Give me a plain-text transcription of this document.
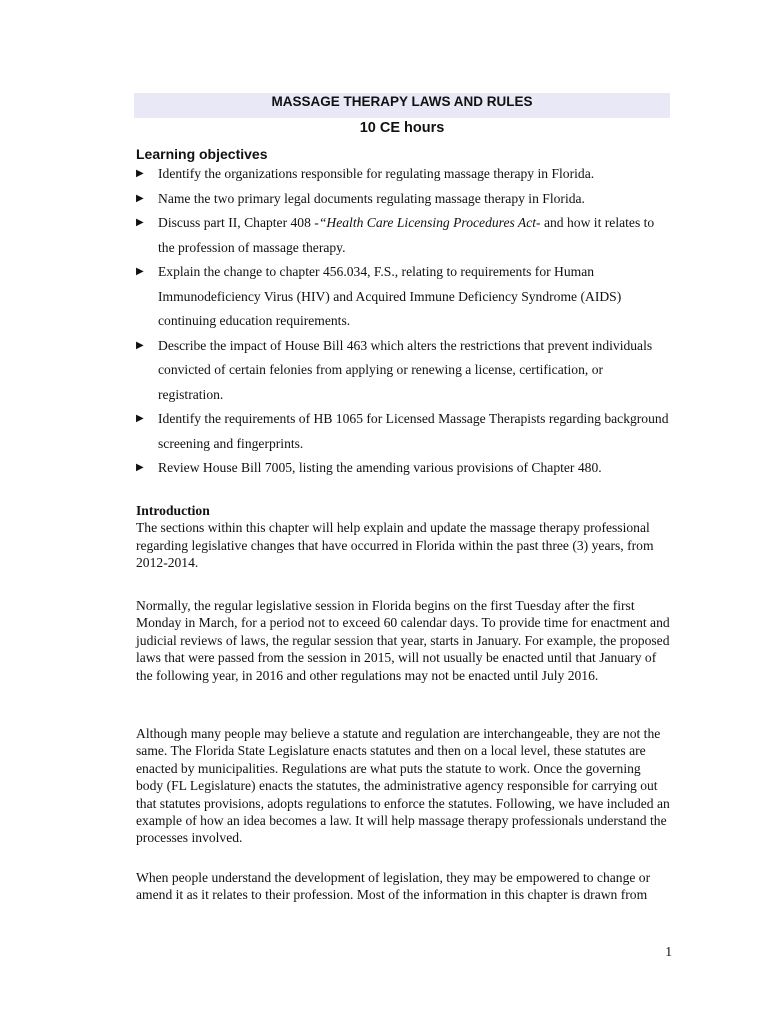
MASSAGE THERAPY LAWS AND RULES
10 CE hours
Learning objectives
▶ Identify the organizations responsible for regulating massage therapy in Florida.
▶ Name the two primary legal documents regulating massage therapy in Florida.
▶ Discuss part II, Chapter 408 -“Health Care Licensing Procedures Act- and how it relates to the profession of massage therapy.
▶ Explain the change to chapter 456.034, F.S., relating to requirements for Human Immunodeficiency Virus (HIV) and Acquired Immune Deficiency Syndrome (AIDS) continuing education requirements.
▶ Describe the impact of House Bill 463 which alters the restrictions that prevent individuals convicted of certain felonies from applying or renewing a license, certification, or registration.
▶ Identify the requirements of HB 1065 for Licensed Massage Therapists regarding background screening and fingerprints.
▶ Review House Bill 7005, listing the amending various provisions of Chapter 480.
Introduction
The sections within this chapter will help explain and update the massage therapy professional regarding legislative changes that have occurred in Florida within the past three (3) years, from 2012-2014.
Normally, the regular legislative session in Florida begins on the first Tuesday after the first Monday in March, for a period not to exceed 60 calendar days. To provide time for enactment and judicial reviews of laws, the regular session that year, starts in January. For example, the proposed laws that were passed from the session in 2015, will not usually be enacted until that January of the following year, in 2016 and other regulations may not be enacted until July 2016.
Although many people may believe a statute and regulation are interchangeable, they are not the same. The Florida State Legislature enacts statutes and then on a local level, these statutes are enacted by municipalities. Regulations are what puts the statute to work. Once the governing body (FL Legislature) enacts the statutes, the administrative agency responsible for carrying out that statutes provisions, adopts regulations to enforce the statutes. Following, we have included an example of how an idea becomes a law. It will help massage therapy professionals understand the processes involved.
When people understand the development of legislation, they may be empowered to change or amend it as it relates to their profession. Most of the information in this chapter is drawn from
1
